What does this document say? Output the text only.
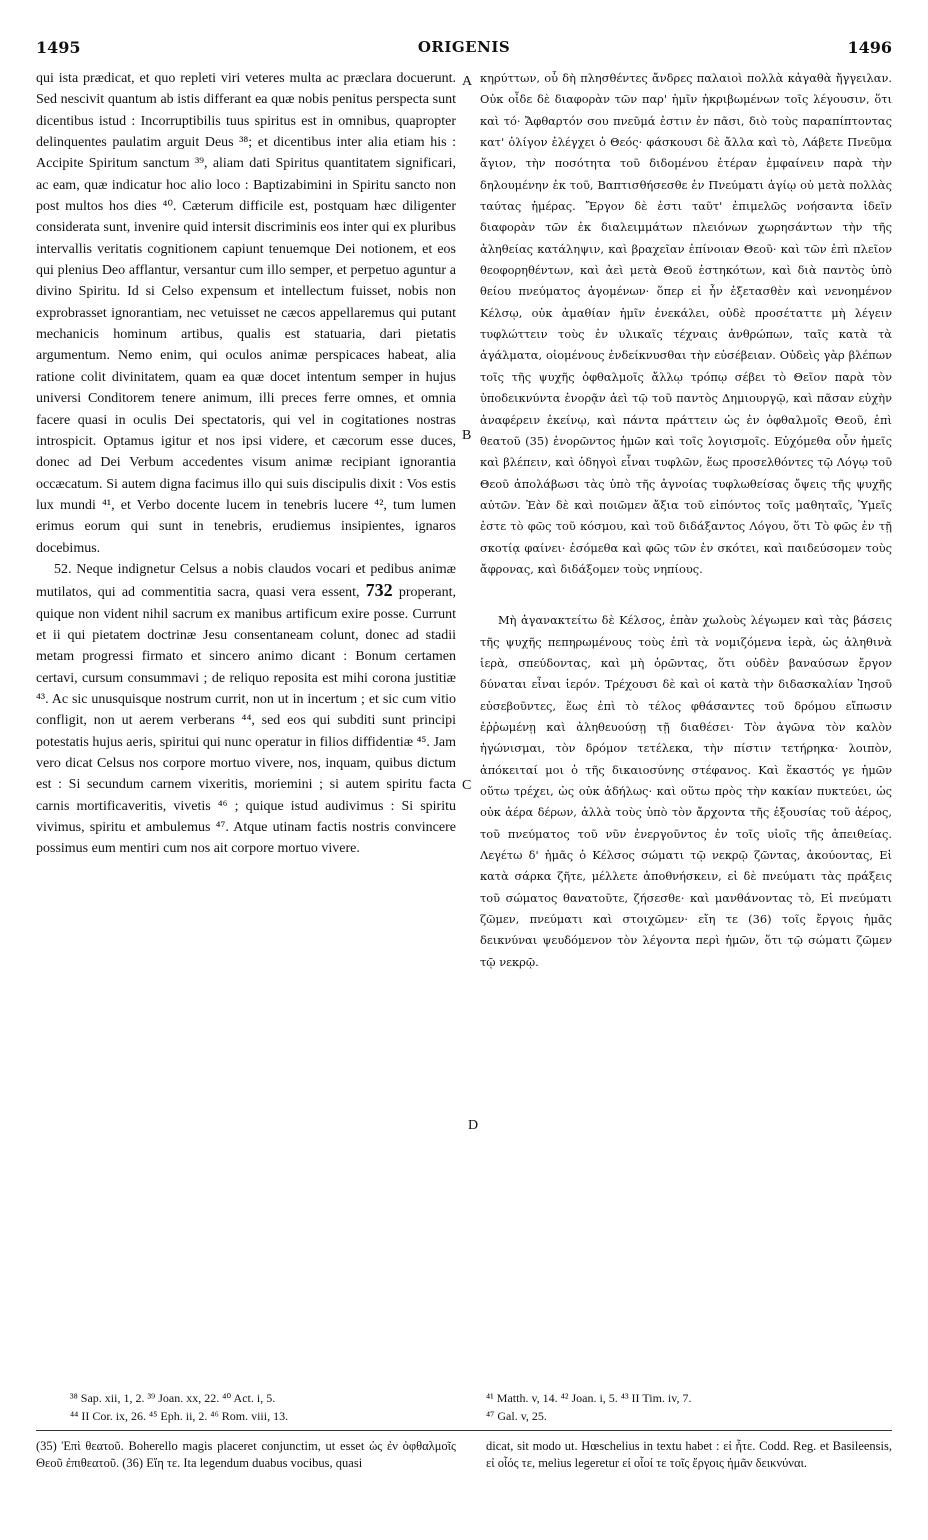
1495	ORIGENIS	1496
A
B
C
D

qui ista prædicat, et quo repleti viri veteres multa ac præclara docuerunt. Sed nescivit quantum ab istis differant ea quæ nobis penitus perspecta sunt dicentibus istud : Incorruptibilis tuus spiritus est in omnibus, quapropter delinquentes paulatim arguit Deus ³⁸; et dicentibus inter alia etiam his : Accipite Spiritum sanctum ³⁹, aliam dati Spiritus quantitatem significari, ac eam, quæ indicatur hoc alio loco : Baptizabimini in Spiritu sancto non post multos hos dies ⁴⁰. Cæterum difficile est, postquam hæc diligenter considerata sunt, invenire quid intersit discriminis eos inter qui ex pluribus intervallis veritatis cognitionem capiunt tenuemque Dei notionem, et eos qui plenius Deo afflantur, versantur cum illo semper, et perpetuo aguntur a divino Spiritu. Id si Celso expensum et intellectum fuisset, nobis non exprobrasset ignorantiam, nec vetuisset ne cæcos appellaremus qui putant mechanicis hominum artibus, qualis est statuaria, dari pietatis argumentum. Nemo enim, qui oculos animæ perspicaces habeat, alia ratione colit divinitatem, quam ea quæ docet intentum semper in hujus universi Conditorem tenere animum, illi preces ferre omnes, et omnia facere quasi in oculis Dei spectatoris, qui vel in cogitationes nostras introspicit. Optamus igitur et nos ipsi videre, et cæcorum esse duces, donec ad Dei Verbum accedentes visum animæ recipiant ignorantia occæcatum. Si autem digna facimus illo qui suis discipulis dixit : Vos estis lux mundi ⁴¹, et Verbo docente lucem in tenebris lucere ⁴², tum lumen erimus eorum qui sunt in tenebris, erudiemus insipientes, ignaros docebimus.

52. Neque indignetur Celsus a nobis claudos vocari et pedibus animæ mutilatos, qui ad commentitia sacra, quasi vera essent, 732 properant, quique non vident nihil sacrum ex manibus artificum exire posse. Currunt et ii qui pietatem doctrinæ Jesu consentaneam colunt, donec ad stadii metam progressi firmato et sincero animo dicant : Bonum certamen certavi, cursum consummavi ; de reliquo reposita est mihi corona justitiæ ⁴³. Ac sic unusquisque nostrum currit, non ut in incertum ; et sic cum vitio confligit, non ut aerem verberans ⁴⁴, sed eos qui subditi sunt principi potestatis hujus aeris, spiritui qui nunc operatur in filios diffidentiæ ⁴⁵. Jam vero dicat Celsus nos corpore mortuo vivere, nos, inquam, quibus dictum est : Si secundum carnem vixeritis, moriemini ; si autem spiritu facta carnis mortificaveritis, vivetis ⁴⁶ ; quique istud audivimus : Si spiritu vivimus, spiritu et ambulemus ⁴⁷. Atque utinam factis nostris convincere possimus eum mentiri cum nos ait corpore mortuo vivere.

κηρύττων, οὗ δὴ πλησθέντες ἄνδρες παλαιοὶ πολλὰ κἀγαθὰ ἤγγειλαν. Οὐκ οἶδε δὲ διαφορὰν τῶν παρ' ἡμῖν ἠκριβωμένων τοῖς λέγουσιν, ὅτι καὶ τό· Ἄφθαρτόν σου πνεῦμά ἐστιν ἐν πᾶσι, διὸ τοὺς παραπίπτοντας κατ' ὀλίγον ἐλέγχει ὁ Θεός· φάσκουσι δὲ ἄλλα καὶ τὸ, Λάβετε Πνεῦμα ἅγιον, τὴν ποσότητα τοῦ διδομένου ἑτέραν ἐμφαίνειν παρὰ τὴν δηλουμένην ἐκ τοῦ, Βαπτισθήσεσθε ἐν Πνεύματι ἁγίῳ οὐ μετὰ πολλὰς ταύτας ἡμέρας. Ἔργον δὲ ἐστι ταῦτ' ἐπιμελῶς νοήσαντα ἰδεῖν διαφορὰν τῶν ἐκ διαλειμμάτων πλειόνων χωρησάντων τὴν τῆς ἀληθείας κατάληψιν, καὶ βραχεῖαν ἐπίνοιαν Θεοῦ· καὶ τῶν ἐπὶ πλεῖον θεοφορηθέντων, καὶ ἀεὶ μετὰ Θεοῦ ἑστηκότων, καὶ διὰ παντὸς ὑπὸ θείου πνεύματος ἀγομένων· ὅπερ εἰ ἦν ἐξετασθὲν καὶ νενοημένον Κέλσῳ, οὐκ ἀμαθίαν ἡμῖν ἐνεκάλει, οὐδὲ προσέταττε μὴ λέγειν τυφλώττειν τοὺς ἐν υλικαῖς τέχναις ἀνθρώπων, ταῖς κατὰ τὰ ἀγάλματα, οἰομένους ἐνδείκνυσθαι τὴν εὐσέβειαν. Οὐδεὶς γὰρ βλέπων τοῖς τῆς ψυχῆς ὀφθαλμοῖς ἄλλῳ τρόπῳ σέβει τὸ Θεῖον παρὰ τὸν ὑποδεικνύντα ἐνορᾷν ἀεὶ τῷ τοῦ παντὸς Δημιουργῷ, καὶ πᾶσαν εὐχὴν ἀναφέρειν ἐκείνῳ, καὶ πάντα πράττειν ὡς ἐν ὀφθαλμοῖς Θεοῦ, ἐπὶ θεατοῦ (35) ἐνορῶντος ἡμῶν καὶ τοῖς λογισμοῖς. Εὐχόμεθα οὖν ἡμεῖς καὶ βλέπειν, καὶ ὁδηγοὶ εἶναι τυφλῶν, ἕως προσελθόντες τῷ Λόγῳ τοῦ Θεοῦ ἀπολάβωσι τὰς ὑπὸ τῆς ἀγνοίας τυφλωθείσας ὄψεις τῆς ψυχῆς αὐτῶν. Ἐὰν δὲ καὶ ποιῶμεν ἄξια τοῦ εἰπόντος τοῖς μαθηταῖς, Ὑμεῖς ἐστε τὸ φῶς τοῦ κόσμου, καὶ τοῦ διδάξαντος Λόγου, ὅτι Τὸ φῶς ἐν τῇ σκοτίᾳ φαίνει· ἐσόμεθα καὶ φῶς τῶν ἐν σκότει, καὶ παιδεύσομεν τοὺς ἄφρονας, καὶ διδάξομεν τοὺς νηπίους.

Μὴ ἀγανακτείτω δὲ Κέλσος, ἐπὰν χωλοὺς λέγωμεν καὶ τὰς βάσεις τῆς ψυχῆς πεπηρωμένους τοὺς ἐπὶ τὰ νομιζόμενα ἱερὰ, ὡς ἀληθινὰ ἱερὰ, σπεύδοντας, καὶ μὴ ὁρῶντας, ὅτι οὐδὲν βαναύσων ἔργον δύναται εἶναι ἱερόν. Τρέχουσι δὲ καὶ οἱ κατὰ τὴν διδασκαλίαν Ἰησοῦ εὐσεβοῦντες, ἕως ἐπὶ τὸ τέλος φθάσαντες τοῦ δρόμου εἴπωσιν ἐῤῥωμένῃ καὶ ἀληθευούσῃ τῇ διαθέσει· Τὸν ἀγῶνα τὸν καλὸν ἠγώνισμαι, τὸν δρόμον τετέλεκα, τὴν πίστιν τετήρηκα· λοιπὸν, ἀπόκειταί μοι ὁ τῆς δικαιοσύνης στέφανος. Καὶ ἕκαστός γε ἡμῶν οὕτω τρέχει, ὡς οὐκ ἀδήλως· καὶ οὕτω πρὸς τὴν κακίαν πυκτεύει, ὡς οὐκ ἀέρα δέρων, ἀλλὰ τοὺς ὑπὸ τὸν ἄρχοντα τῆς ἐξουσίας τοῦ ἀέρος, τοῦ πνεύματος τοῦ νῦν ἐνεργοῦντος ἐν τοῖς υἱοῖς τῆς ἀπειθείας. Λεγέτω δ' ἡμᾶς ὁ Κέλσος σώματι τῷ νεκρῷ ζῶντας, ἀκούοντας, Εἰ κατὰ σάρκα ζῆτε, μέλλετε ἀποθνήσκειν, εἰ δὲ πνεύματι τὰς πράξεις τοῦ σώματος θανατοῦτε, ζήσεσθε· καὶ μανθάνοντας τὸ, Εἰ πνεύματι ζῶμεν, πνεύματι καὶ στοιχῶμεν· εἴη τε (36) τοῖς ἔργοις ἡμᾶς δεικνύναι ψευδόμενον τὸν λέγοντα περὶ ἡμῶν, ὅτι τῷ σώματι ζῶμεν τῷ νεκρῷ.

³⁸ Sap. xii, 1, 2. ³⁹ Joan. xx, 22. ⁴⁰ Act. i, 5.	⁴¹ Matth. v, 14. ⁴² Joan. i, 5. ⁴³ II Tim. iv, 7.
⁴⁴ II Cor. ix, 26. ⁴⁵ Eph. ii, 2. ⁴⁶ Rom. viii, 13.	⁴⁷ Gal. v, 25.

(35) Ἐπὶ θεατοῦ. Boherello magis placeret conjunctim, ut esset ὡς ἐν ὀφθαλμοῖς Θεοῦ ἐπιθεατοῦ. (36) Εἴη τε. Ita legendum duabus vocibus, quasi

dicat, sit modo ut. Hœschelius in textu habet : εἰ ἦτε. Codd. Reg. et Basileensis, εἰ οἷός τε, melius legeretur εἰ οἷοί τε τοῖς ἔργοις ἡμᾶν δεικνύναι.
